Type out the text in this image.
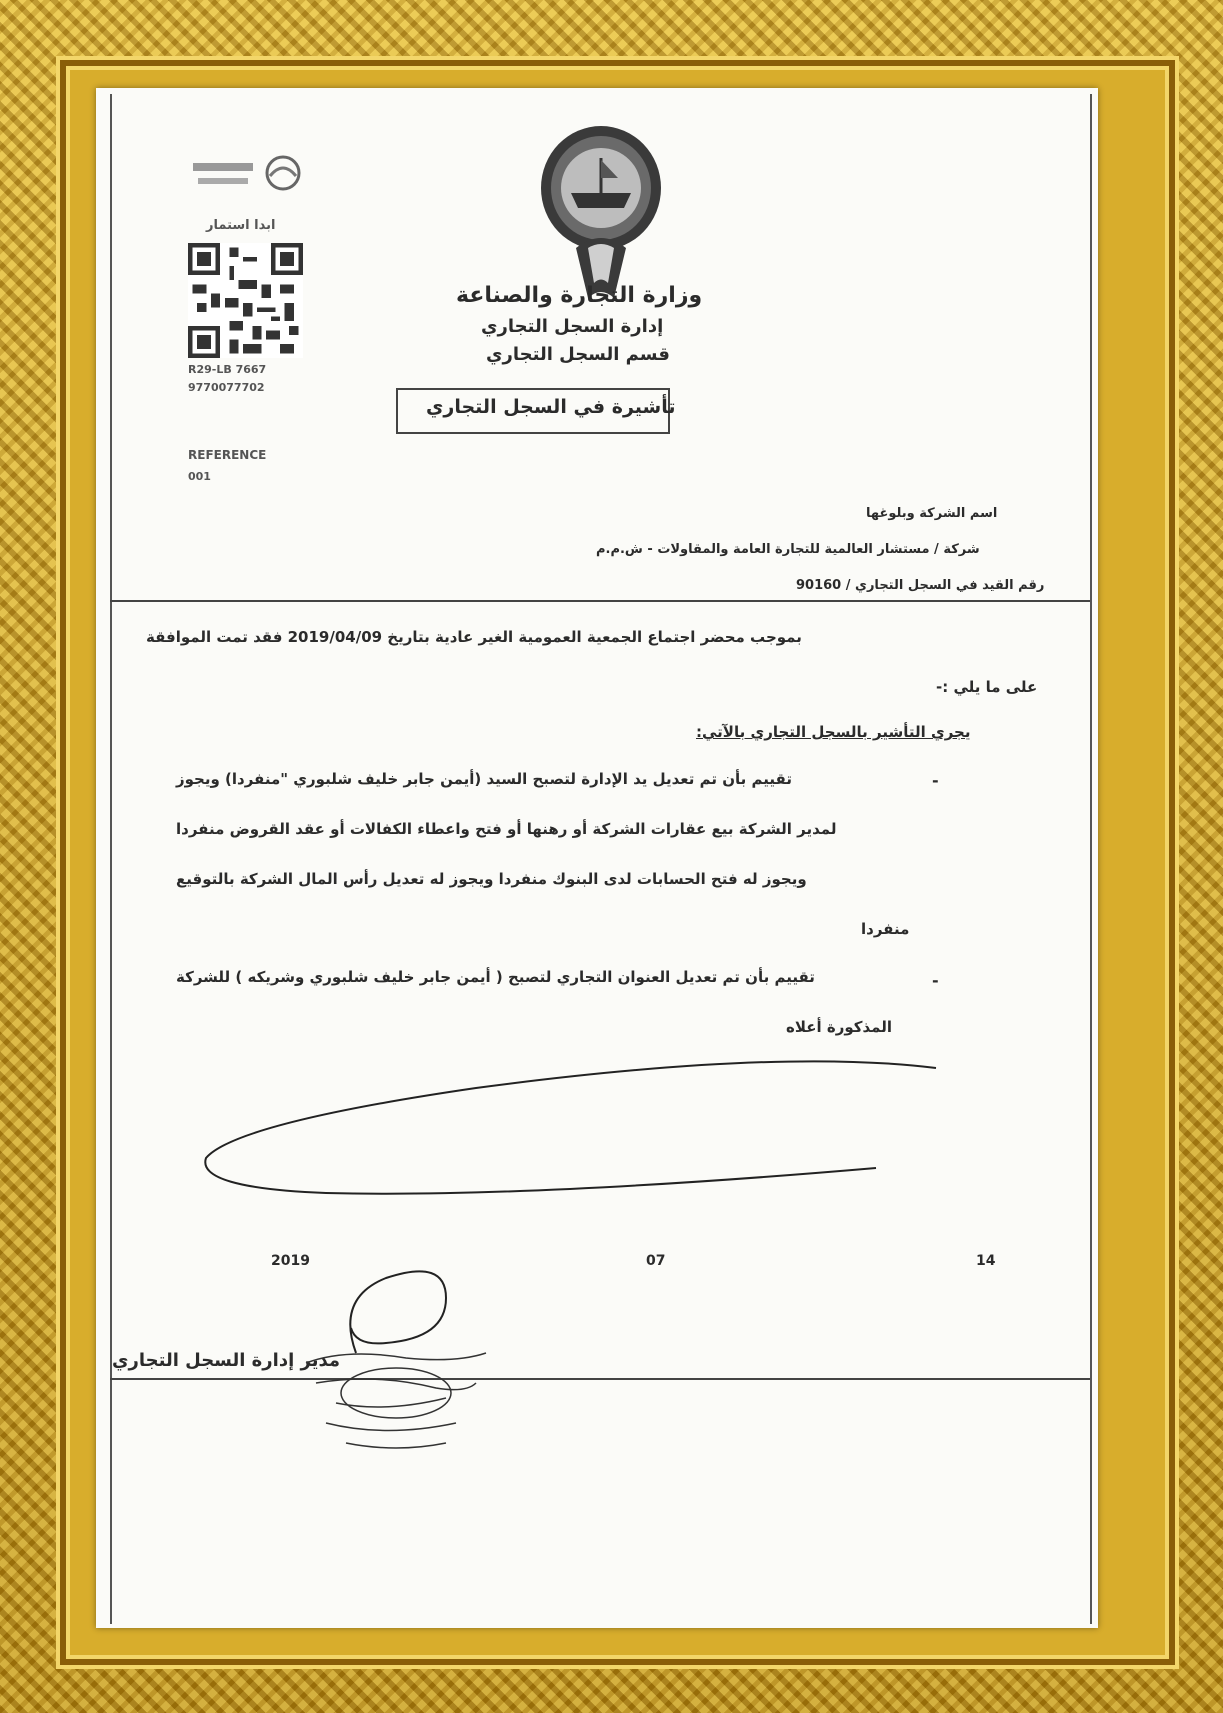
ابدا استمار
R29-LB 7667
9770077702
REFERENCE
001
وزارة التجارة والصناعة
إدارة السجل التجاري
قسم السجل التجاري
تأشيرة في السجل التجاري
اسم الشركة وبلوغها
شركة / مستشار العالمية للتجارة العامة والمقاولات - ش.م.م
رقم القيد في السجل التجاري / 90160
بموجب محضر اجتماع الجمعية العمومية الغير عادية بتاريخ 2019/04/09 فقد تمت الموافقة
على ما يلي :-
يجري التأشير بالسجل التجاري بالآتي:
-
تقييم بأن تم تعديل يد الإدارة لتصبح السيد (أيمن جابر خليف شلبوري "منفردا) ويجوز
لمدير الشركة بيع عقارات الشركة أو رهنها أو فتح واعطاء الكفالات أو عقد القروض منفردا
ويجوز له فتح الحسابات لدى البنوك منفردا ويجوز له تعديل رأس المال الشركة بالتوقيع
منفردا
-
تقييم بأن تم تعديل العنوان التجاري لتصبح ( أيمن جابر خليف شلبوري وشريكه ) للشركة
المذكورة أعلاه
2019	07	14
مدير إدارة السجل التجاري
